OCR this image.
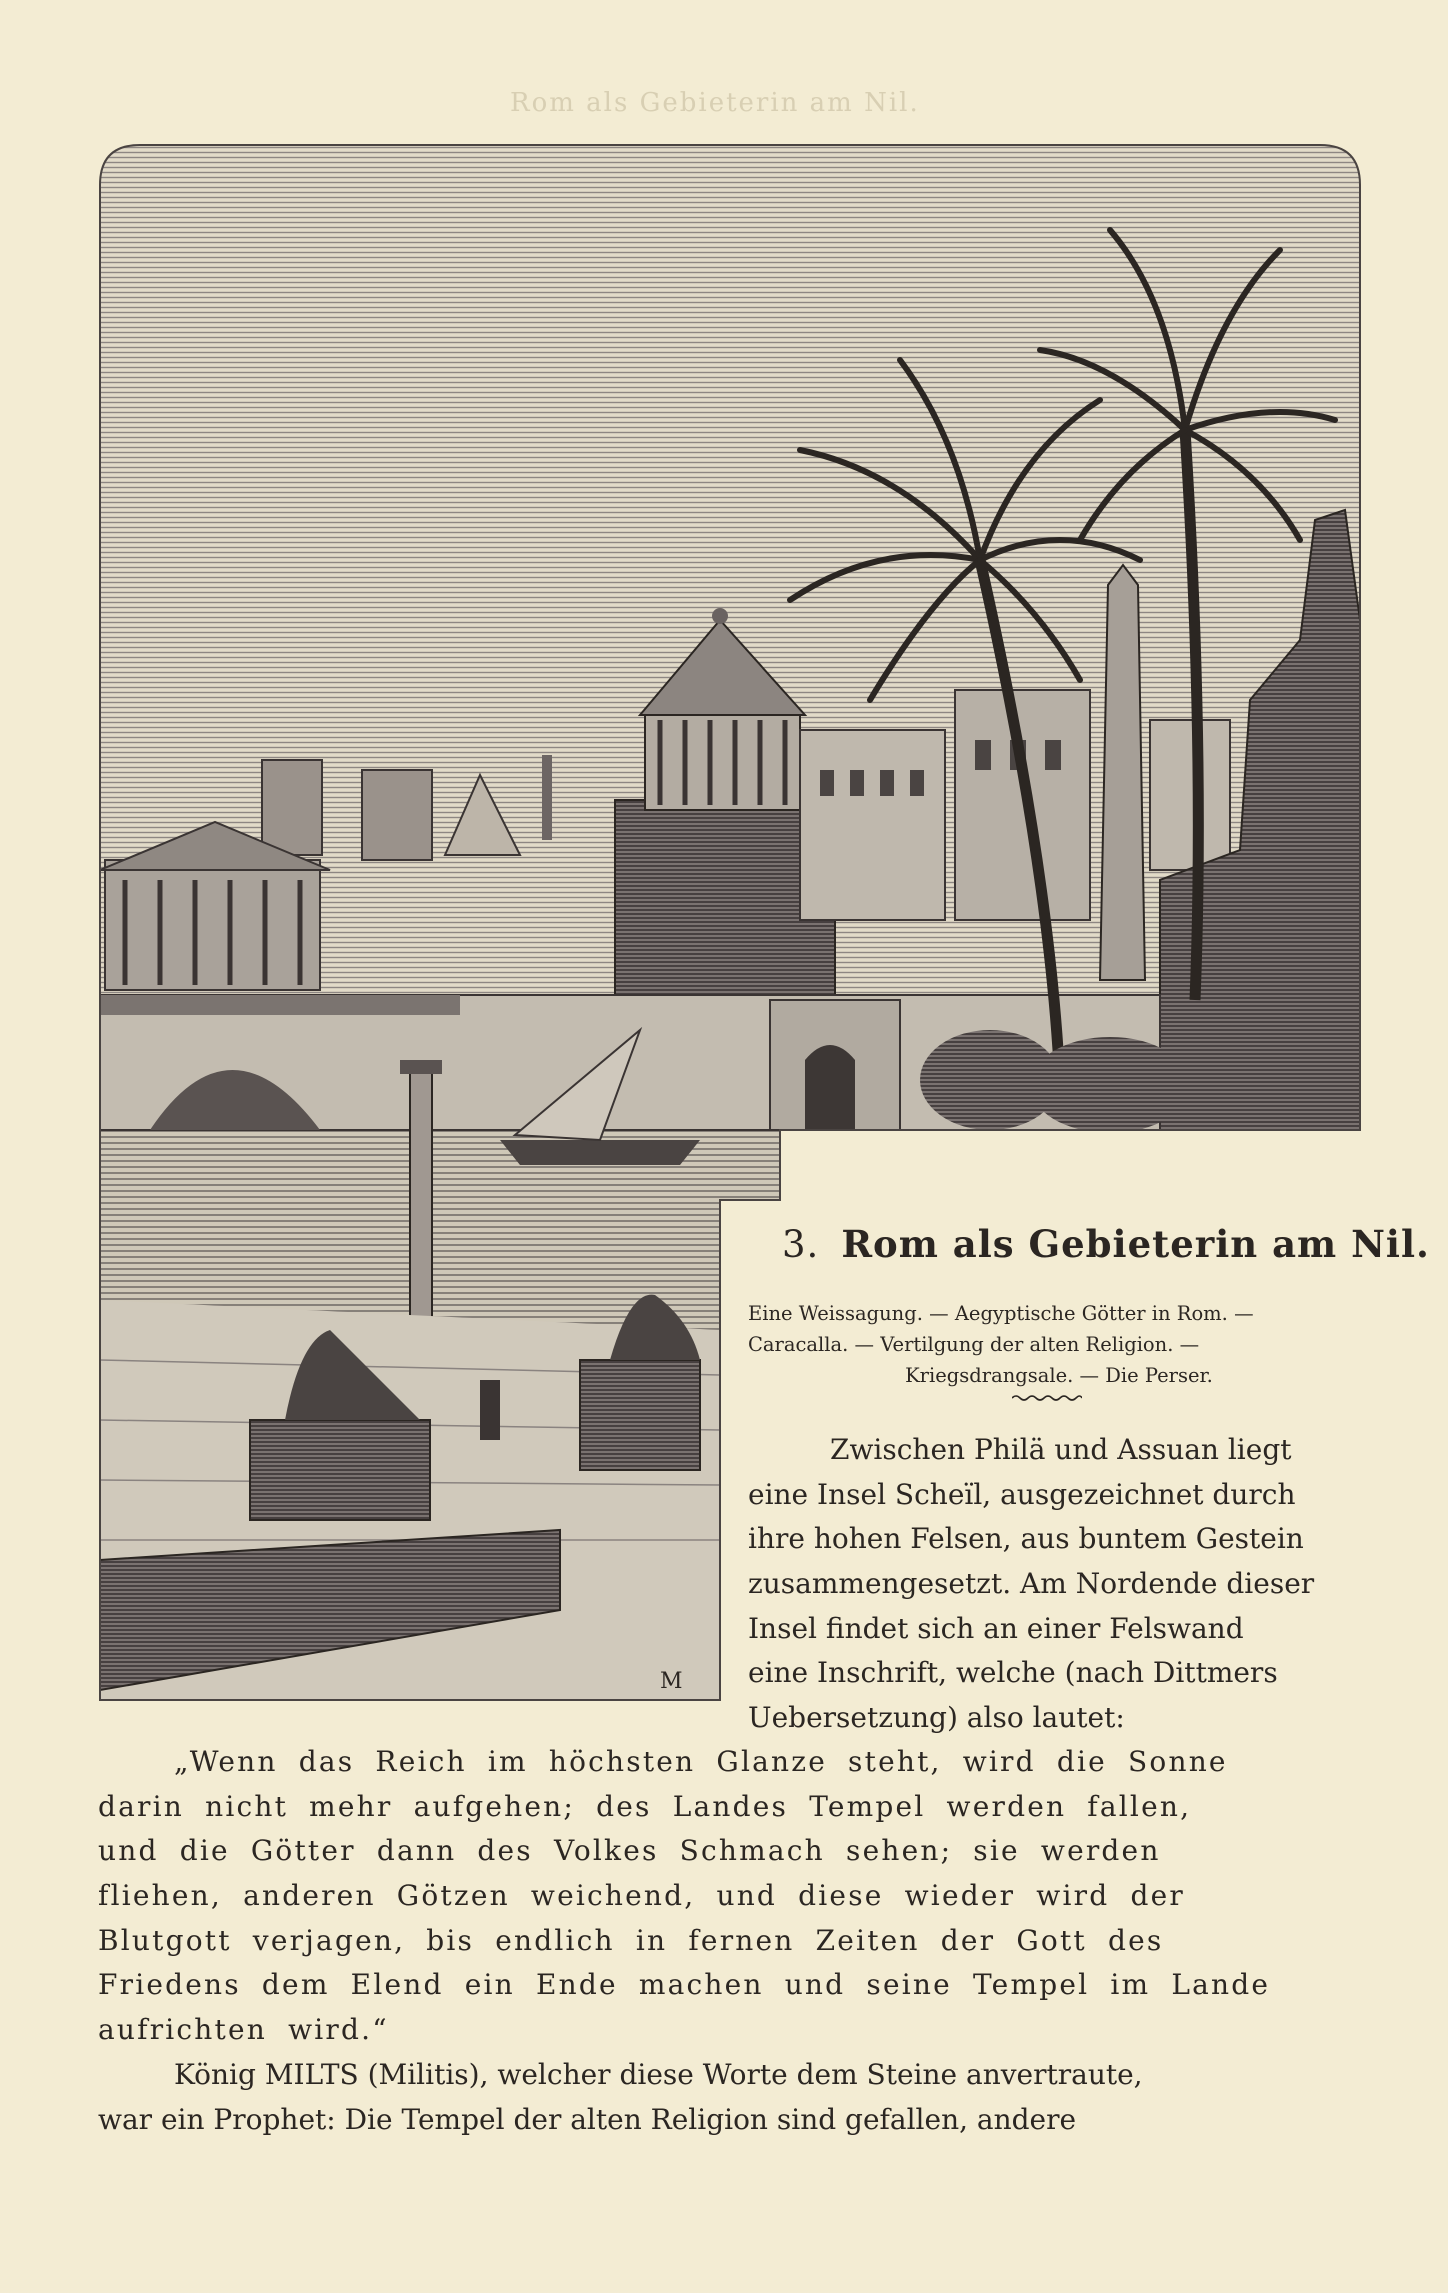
Rom als Gebieterin am Nil.
M
3. Rom als Gebieterin am Nil.
Eine Weissagung. — Aegyptische Götter in Rom. —
Caracalla. — Vertilgung der alten Religion. —
Kriegsdrangsale. — Die Perser.
Zwischen Philä und Assuan liegt
eine Insel Scheïl, ausgezeichnet durch
ihre hohen Felsen, aus buntem Gestein
zusammengesetzt. Am Nordende dieser
Insel findet sich an einer Felswand
eine Inschrift, welche (nach Dittmers
Uebersetzung) also lautet:
„Wenn das Reich im höchsten Glanze steht, wird die Sonne
darin nicht mehr aufgehen; des Landes Tempel werden fallen,
und die Götter dann des Volkes Schmach sehen; sie werden
fliehen, anderen Götzen weichend, und diese wieder wird der
Blutgott verjagen, bis endlich in fernen Zeiten der Gott des
Friedens dem Elend ein Ende machen und seine Tempel im Lande
aufrichten wird.“
König MILTS (Militis), welcher diese Worte dem Steine anvertraute,
war ein Prophet: Die Tempel der alten Religion sind gefallen, andere
